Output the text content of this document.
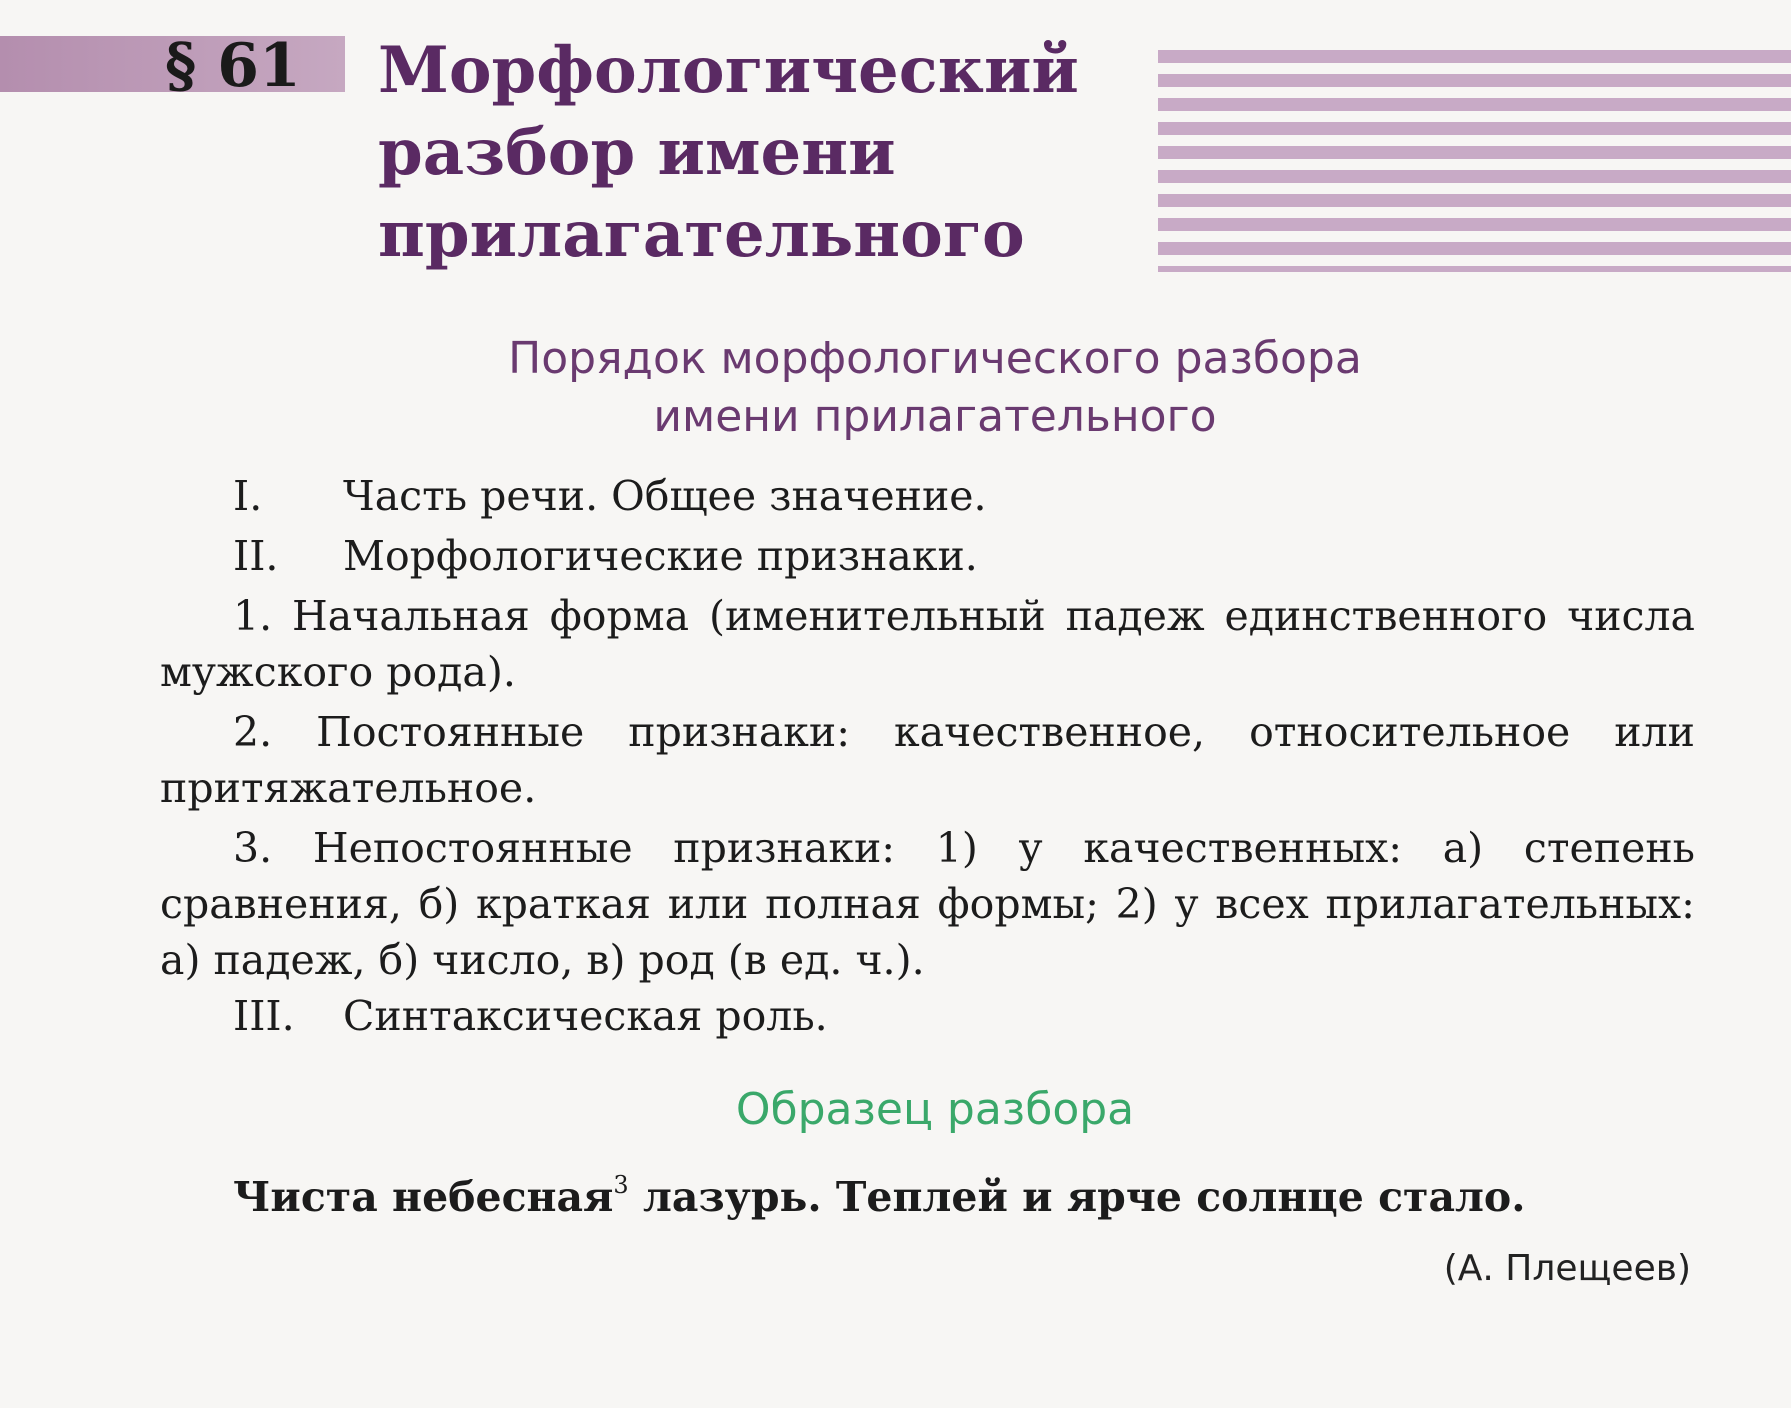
§ 61 Морфологический
разбор имени
прилагательного
Порядок морфологического разбора
имени прилагательного
I.	Часть речи. Общее значение.
II.	Морфологические признаки.

1. Начальная форма (именительный падеж единственного числа мужского рода).

2. Постоянные признаки: качественное, относительное или притяжательное.

3. Непостоянные признаки: 1) у качественных: а) степень сравнения, б) краткая или полная формы; 2) у всех прилагательных: а) падеж, б) число, в) род (в ед. ч.).

III.	Синтаксическая роль.
Образец разбора
Чиста небесная$^3$ лазурь. Теплей и ярче солнце стало.
(А. Плещеев)
